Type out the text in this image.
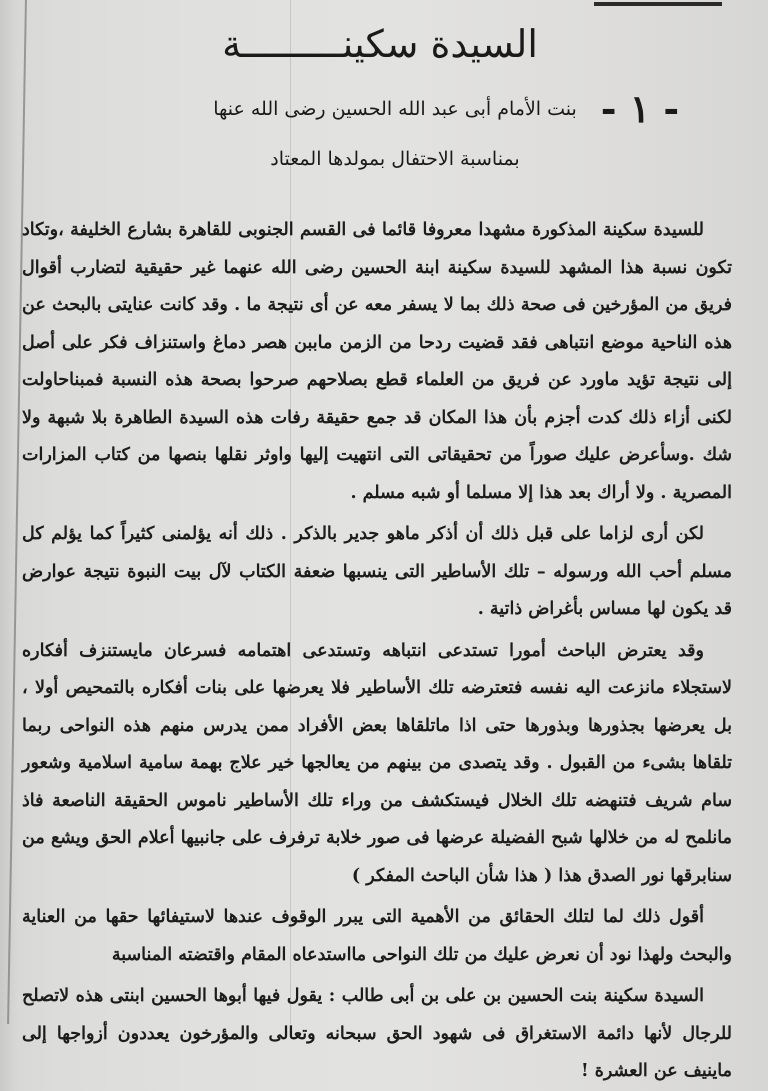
السيدة سكينـــــــــة
- ١ -
بنت الأمام أبى عبد الله الحسين رضى الله عنها
بمناسبة الاحتفال بمولدها المعتاد

للسيدة سكينة المذكورة مشهدا معروفا قائما فى القسم الجنوبى للقاهرة بشارع الخليفة ،وتكاد تكون نسبة هذا المشهد للسيدة سكينة ابنة الحسين رضى الله عنهما غير حقيقية لتضارب أقوال فريق من المؤرخين فى صحة ذلك بما لا يسفر معه عن أى نتيجة ما . وقد كانت عنايتى بالبحث عن هذه الناحية موضع انتباهى فقد قضيت ردحا من الزمن ماببن هصر دماغ واستنزاف فكر على أصل إلى نتيجة تؤيد ماورد عن فريق من العلماء قطع بصلاحهم صرحوا بصحة هذه النسبة فمبناحاولت لكنى أزاء ذلك كدت أجزم بأن هذا المكان قد جمع حقيقة رفات هذه السيدة الطاهرة بلا شبهة ولا شك .وسأعرض عليك صوراً من تحقيقاتى التى انتهيت إليها واوثر نقلها بنصها من كتاب المزارات المصرية . ولا أراك بعد هذا إلا مسلما أو شبه مسلم .

لكن أرى لزاما على قبل ذلك أن أذكر ماهو جدير بالذكر . ذلك أنه يؤلمنى كثيراً كما يؤلم كل مسلم أحب الله ورسوله – تلك الأساطير التى ينسبها ضعفة الكتاب لآل بيت النبوة نتيجة عوارض قد يكون لها مساس بأغراض ذاتية .

وقد يعترض الباحث أمورا تستدعى انتباهه وتستدعى اهتمامه فسرعان مايستنزف أفكاره لاستجلاء مانزعت اليه نفسه فتعترضه تلك الأساطير فلا يعرضها على بنات أفكاره بالتمحيص أولا ، بل يعرضها بجذورها وبذورها حتى اذا ماتلقاها بعض الأفراد ممن يدرس منهم هذه النواحى ربما تلقاها بشىء من القبول . وقد يتصدى من بينهم من يعالجها خير علاج بهمة سامية اسلامية وشعور سام شريف فتنهضه تلك الخلال فيستكشف من وراء تلك الأساطير ناموس الحقيقة الناصعة فاذ مانلمح له من خلالها شبح الفضيلة عرضها فى صور خلابة ترفرف على جانبيها أعلام الحق ويشع من سنابرقها نور الصدق هذا ( هذا شأن الباحث المفكر )

أقول ذلك لما لتلك الحقائق من الأهمية التى يبرر الوقوف عندها لاستيفائها حقها من العناية والبحث ولهذا نود أن نعرض عليك من تلك النواحى مااستدعاه المقام واقتضته المناسبة

السيدة سكينة بنت الحسين بن على بن أبى طالب : يقول فيها أبوها الحسين ابنتى هذه لاتصلح للرجال لأنها دائمة الاستغراق فى شهود الحق سبحانه وتعالى والمؤرخون يعددون أزواجها إلى ماينيف عن العشرة !
